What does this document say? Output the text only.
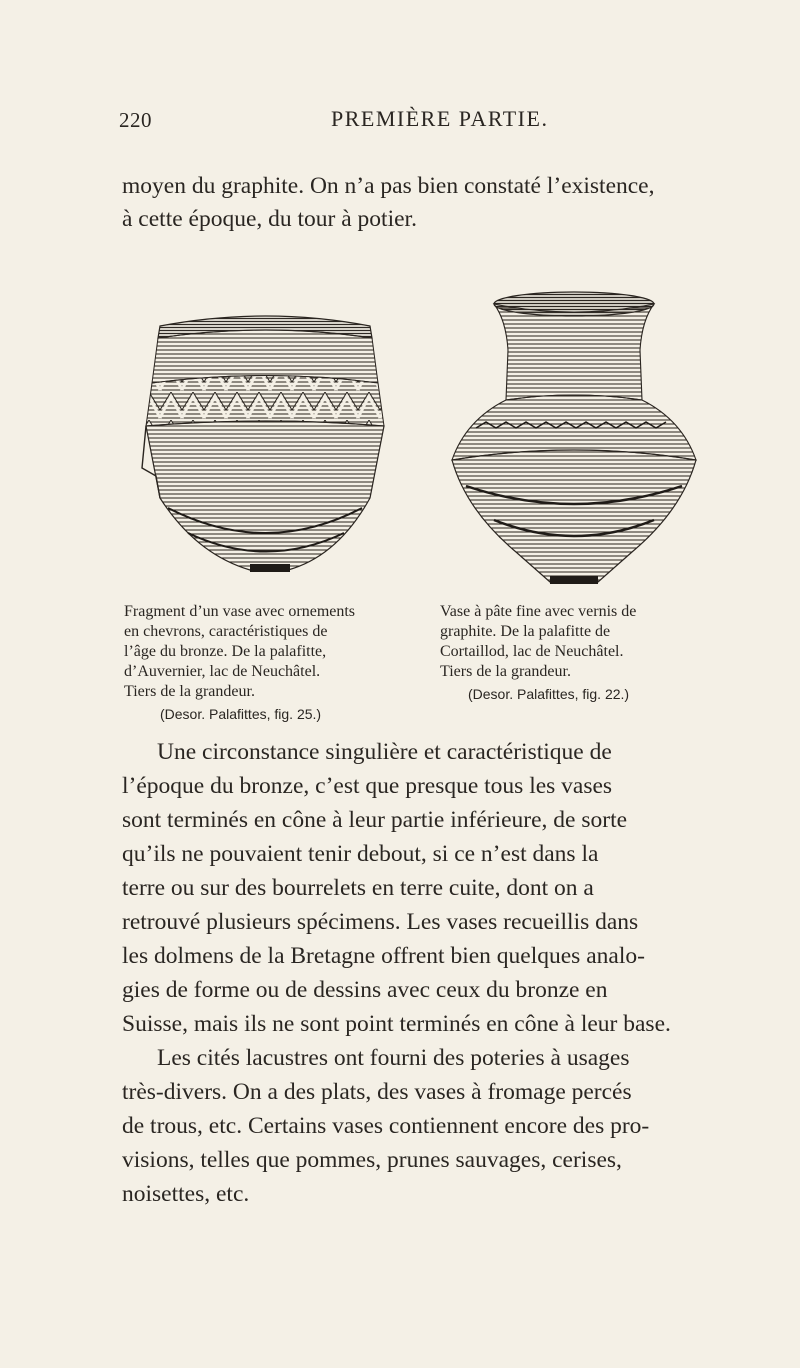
220	PREMIÈRE PARTIE.
moyen du graphite. On n’a pas bien constaté l’existence,
à cette époque, du tour à potier.
Fragment d’un vase avec ornements
en chevrons, caractéristiques de
l’âge du bronze. De la palafitte,
d’Auvernier, lac de Neuchâtel.
Tiers de la grandeur.
(Desor. Palafittes, fig. 25.)
Vase à pâte fine avec vernis de
graphite. De la palafitte de
Cortaillod, lac de Neuchâtel.
Tiers de la grandeur.
(Desor. Palafittes, fig. 22.)
Une circonstance singulière et caractéristique de
l’époque du bronze, c’est que presque tous les vases
sont terminés en cône à leur partie inférieure, de sorte
qu’ils ne pouvaient tenir debout, si ce n’est dans la
terre ou sur des bourrelets en terre cuite, dont on a
retrouvé plusieurs spécimens. Les vases recueillis dans
les dolmens de la Bretagne offrent bien quelques analo-
gies de forme ou de dessins avec ceux du bronze en
Suisse, mais ils ne sont point terminés en cône à leur base.
Les cités lacustres ont fourni des poteries à usages
très-divers. On a des plats, des vases à fromage percés
de trous, etc. Certains vases contiennent encore des pro-
visions, telles que pommes, prunes sauvages, cerises,
noisettes, etc.
